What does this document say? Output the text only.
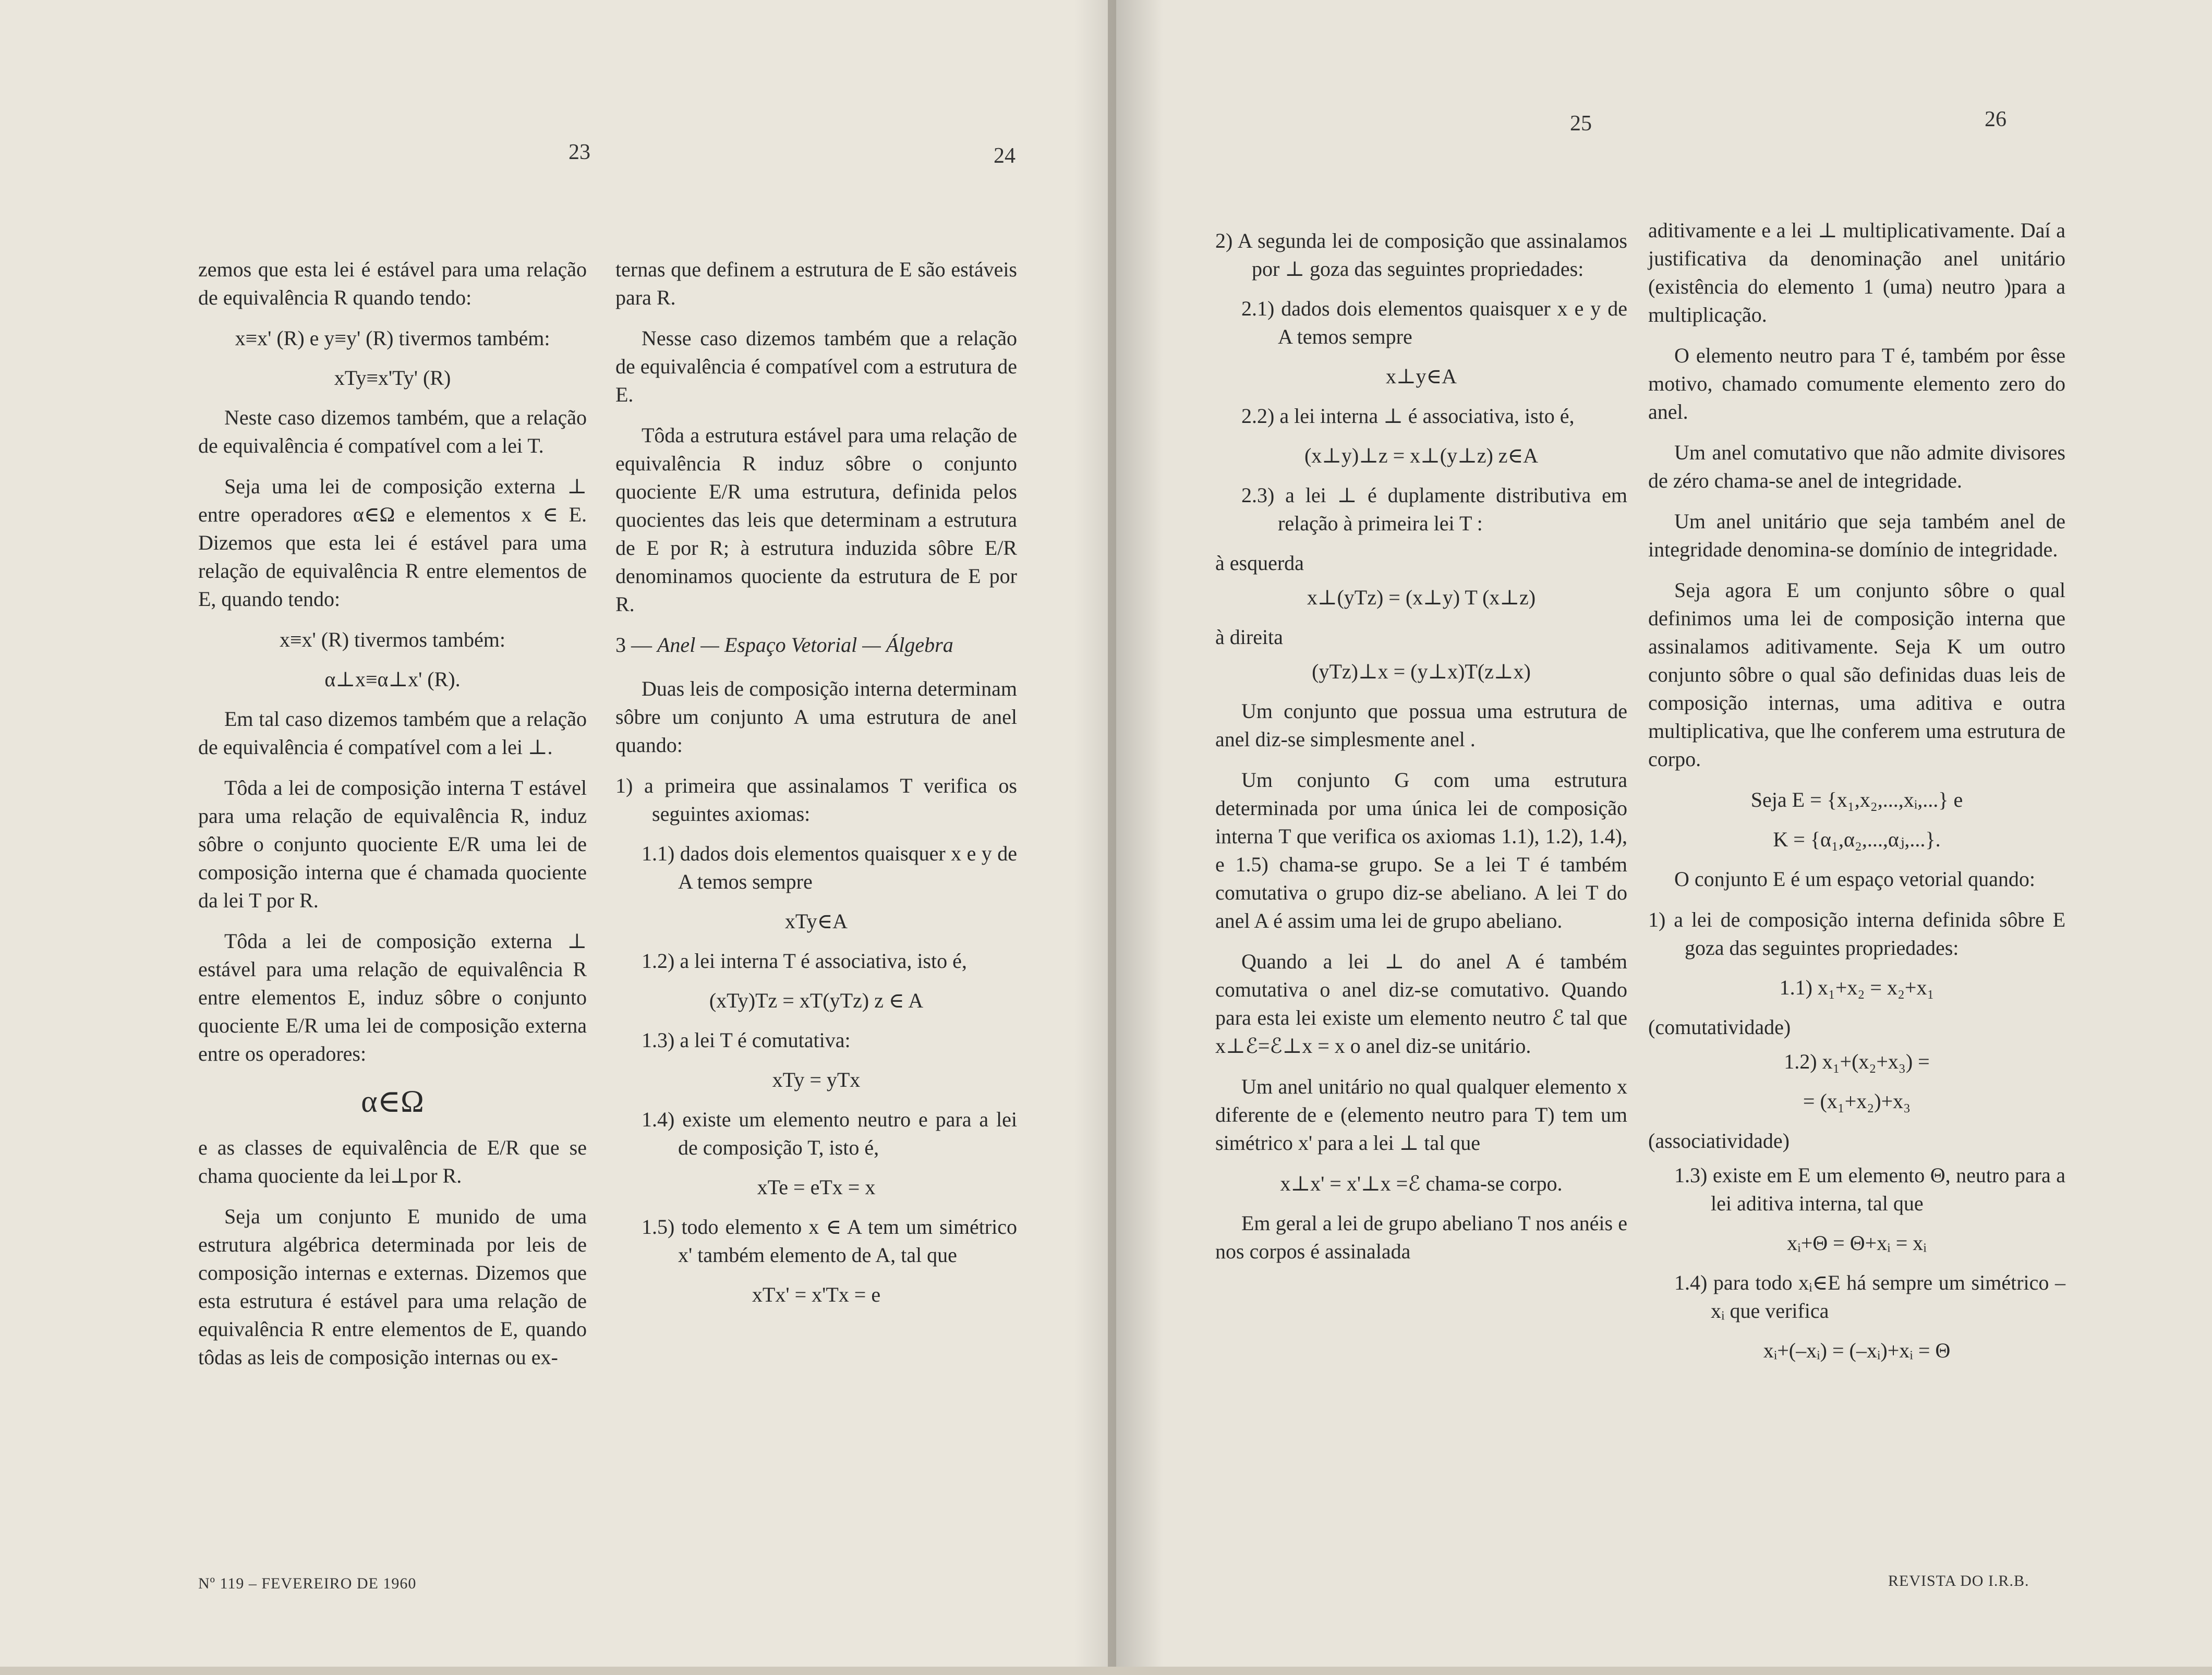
23	24

zemos que esta lei é estável para uma relação de equivalência R quando tendo:

x≡x' (R) e y≡y' (R) tivermos também:

xTy≡x'Ty' (R)

Neste caso dizemos também, que a relação de equivalência é compatível com a lei T.

Seja uma lei de composição externa ⊥ entre operadores α∈Ω e elementos x ∈ E. Dizemos que esta lei é estável para uma relação de equivalência R entre elementos de E, quando tendo:

x≡x' (R) tivermos também:

α⊥x≡α⊥x' (R).

Em tal caso dizemos também que a relação de equivalência é compatível com a lei ⊥.

Tôda a lei de composição interna T estável para uma relação de equivalência R, induz sôbre o conjunto quociente E/R uma lei de composição interna que é chamada quociente da lei T por R.

Tôda a lei de composição externa ⊥ estável para uma relação de equivalência R entre elementos E, induz sôbre o conjunto quociente E/R uma lei de composição externa entre os operadores:

α∈Ω

e as classes de equivalência de E/R que se chama quociente da lei⊥por R.

Seja um conjunto E munido de uma estrutura algébrica determinada por leis de composição internas e externas. Dizemos que esta estrutura é estável para uma relação de equivalência R entre elementos de E, quando tôdas as leis de composição internas ou ex-

ternas que definem a estrutura de E são estáveis para R.

Nesse caso dizemos também que a relação de equivalência é compatível com a estrutura de E.

Tôda a estrutura estável para uma relação de equivalência R induz sôbre o conjunto quociente E/R uma estrutura, definida pelos quocientes das leis que determinam a estrutura de E por R; à estrutura induzida sôbre E/R denominamos quociente da estrutura de E por R.

3 — Anel — Espaço Vetorial — Álgebra

Duas leis de composição interna determinam sôbre um conjunto A uma estrutura de anel quando:

1) a primeira que assinalamos T verifica os seguintes axiomas:

1.1) dados dois elementos quaisquer x e y de A temos sempre

xTy∈A

1.2) a lei interna T é associativa, isto é,

(xTy)Tz = xT(yTz) z ∈ A

1.3) a lei T é comutativa:

xTy = yTx

1.4) existe um elemento neutro e para a lei de composição T, isto é,

xTe = eTx = x

1.5) todo elemento x ∈ A tem um simétrico x' também elemento de A, tal que

xTx' = x'Tx = e

Nº 119 – FEVEREIRO DE 1960
25	26

2) A segunda lei de composição que assinalamos por ⊥ goza das seguintes propriedades:

2.1) dados dois elementos quaisquer x e y de A temos sempre

x⊥y∈A

2.2) a lei interna ⊥ é associativa, isto é,

(x⊥y)⊥z = x⊥(y⊥z) z∈A

2.3) a lei ⊥ é duplamente distributiva em relação à primeira lei T :

à esquerda

x⊥(yTz) = (x⊥y) T (x⊥z)

à direita

(yTz)⊥x = (y⊥x)T(z⊥x)

Um conjunto que possua uma estrutura de anel diz-se simplesmente anel .

Um conjunto G com uma estrutura determinada por uma única lei de composição interna T que verifica os axiomas 1.1), 1.2), 1.4), e 1.5) chama-se grupo. Se a lei T é também comutativa o grupo diz-se abeliano. A lei T do anel A é assim uma lei de grupo abeliano.

Quando a lei ⊥ do anel A é também comutativa o anel diz-se comutativo. Quando para esta lei existe um elemento neutro ℰ tal que x⊥ℰ=ℰ⊥x = x o anel diz-se unitário.

Um anel unitário no qual qualquer elemento x diferente de e (elemento neutro para T) tem um simétrico x' para a lei ⊥ tal que

x⊥x' = x'⊥x =ℰ chama-se corpo.

Em geral a lei de grupo abeliano T nos anéis e nos corpos é assinalada

aditivamente e a lei ⊥ multiplicativamente. Daí a justificativa da denominação anel unitário (existência do elemento 1 (uma) neutro )para a multiplicação.

O elemento neutro para T é, também por êsse motivo, chamado comumente elemento zero do anel.

Um anel comutativo que não admite divisores de zéro chama-se anel de integridade.

Um anel unitário que seja também anel de integridade denomina-se domínio de integridade.

Seja agora E um conjunto sôbre o qual definimos uma lei de composição interna que assinalamos aditivamente. Seja K um outro conjunto sôbre o qual são definidas duas leis de composição internas, uma aditiva e outra multiplicativa, que lhe conferem uma estrutura de corpo.

Seja E = {x₁,x₂,...,xᵢ,...} e

K = {α₁,α₂,...,αⱼ,...}.

O conjunto E é um espaço vetorial quando:

1) a lei de composição interna definida sôbre E goza das seguintes propriedades:

1.1) x₁+x₂ = x₂+x₁

(comutatividade)

1.2) x₁+(x₂+x₃) =

= (x₁+x₂)+x₃

(associatividade)

1.3) existe em E um elemento Θ, neutro para a lei aditiva interna, tal que

xᵢ+Θ = Θ+xᵢ = xᵢ

1.4) para todo xᵢ∈E há sempre um simétrico –xᵢ que verifica

xᵢ+(–xᵢ) = (–xᵢ)+xᵢ = Θ

REVISTA DO I.R.B.
